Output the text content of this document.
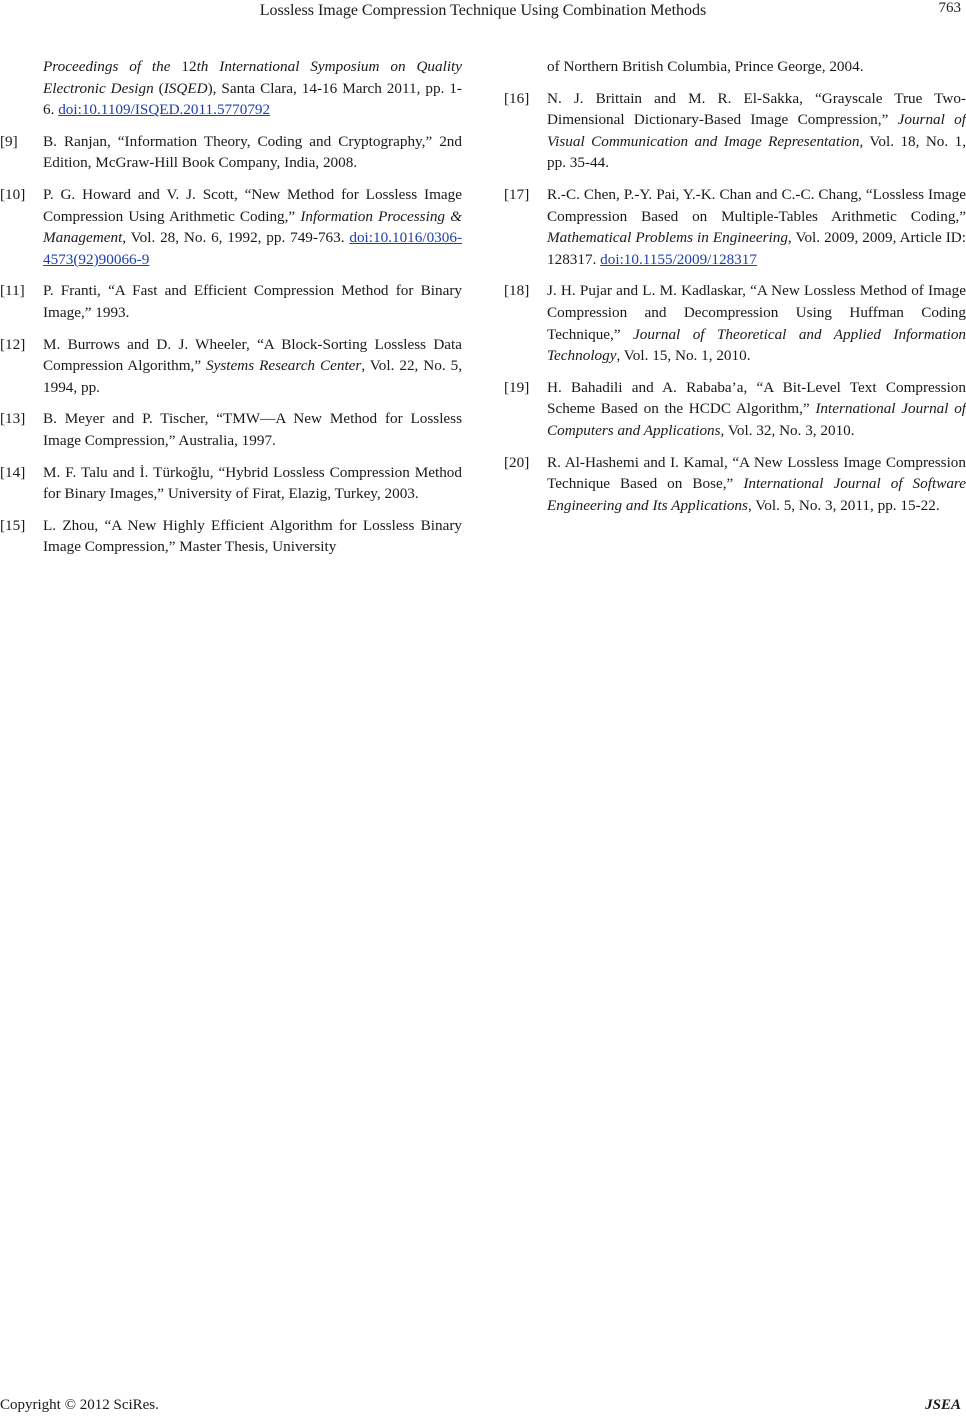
Lossless Image Compression Technique Using Combination Methods	763
Proceedings of the 12th International Symposium on Quality Electronic Design (ISQED), Santa Clara, 14-16 March 2011, pp. 1-6. doi:10.1109/ISQED.2011.5770792
[9] B. Ranjan, “Information Theory, Coding and Cryptography,” 2nd Edition, McGraw-Hill Book Company, India, 2008.
[10] P. G. Howard and V. J. Scott, “New Method for Lossless Image Compression Using Arithmetic Coding,” Information Processing & Management, Vol. 28, No. 6, 1992, pp. 749-763. doi:10.1016/0306-4573(92)90066-9
[11] P. Franti, “A Fast and Efficient Compression Method for Binary Image,” 1993.
[12] M. Burrows and D. J. Wheeler, “A Block-Sorting Lossless Data Compression Algorithm,” Systems Research Center, Vol. 22, No. 5, 1994, pp.
[13] B. Meyer and P. Tischer, “TMW—A New Method for Lossless Image Compression,” Australia, 1997.
[14] M. F. Talu and İ. Türkoğlu, “Hybrid Lossless Compression Method for Binary Images,” University of Firat, Elazig, Turkey, 2003.
[15] L. Zhou, “A New Highly Efficient Algorithm for Lossless Binary Image Compression,” Master Thesis, University
of Northern British Columbia, Prince George, 2004.
[16] N. J. Brittain and M. R. El-Sakka, “Grayscale True Two-Dimensional Dictionary-Based Image Compression,” Journal of Visual Communication and Image Representation, Vol. 18, No. 1, pp. 35-44.
[17] R.-C. Chen, P.-Y. Pai, Y.-K. Chan and C.-C. Chang, “Lossless Image Compression Based on Multiple-Tables Arithmetic Coding,” Mathematical Problems in Engineering, Vol. 2009, 2009, Article ID: 128317. doi:10.1155/2009/128317
[18] J. H. Pujar and L. M. Kadlaskar, “A New Lossless Method of Image Compression and Decompression Using Huffman Coding Technique,” Journal of Theoretical and Applied Information Technology, Vol. 15, No. 1, 2010.
[19] H. Bahadili and A. Rababa’a, “A Bit-Level Text Compression Scheme Based on the HCDC Algorithm,” International Journal of Computers and Applications, Vol. 32, No. 3, 2010.
[20] R. Al-Hashemi and I. Kamal, “A New Lossless Image Compression Technique Based on Bose,” International Journal of Software Engineering and Its Applications, Vol. 5, No. 3, 2011, pp. 15-22.
Copyright © 2012 SciRes.	JSEA
